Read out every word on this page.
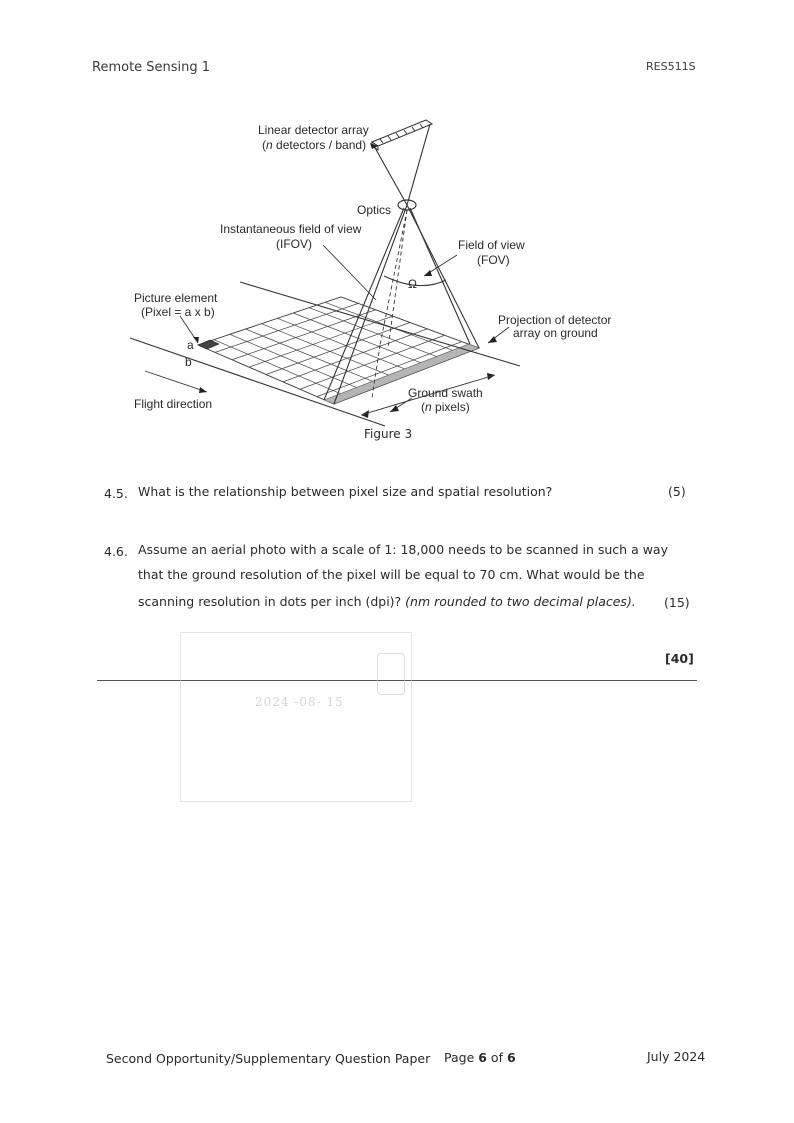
Remote Sensing 1	RES511S
Linear detector array
(n detectors / band)
Optics
Instantaneous field of view
(IFOV)	Field of view
(FOV)
Ω
Picture element
(Pixel = a x b)
a
b
Projection of detector
array on ground
Ground swath
(n pixels)
Flight direction
Figure 3
4.5. What is the relationship between pixel size and spatial resolution?	(5)
4.6. Assume an aerial photo with a scale of 1: 18,000 needs to be scanned in such a way
that the ground resolution of the pixel will be equal to 70 cm. What would be the
scanning resolution in dots per inch (dpi)? (nm rounded to two decimal places). (15)
[40]
2024 -08- 15
Second Opportunity/Supplementary Question Paper Page 6 of 6	July 2024
